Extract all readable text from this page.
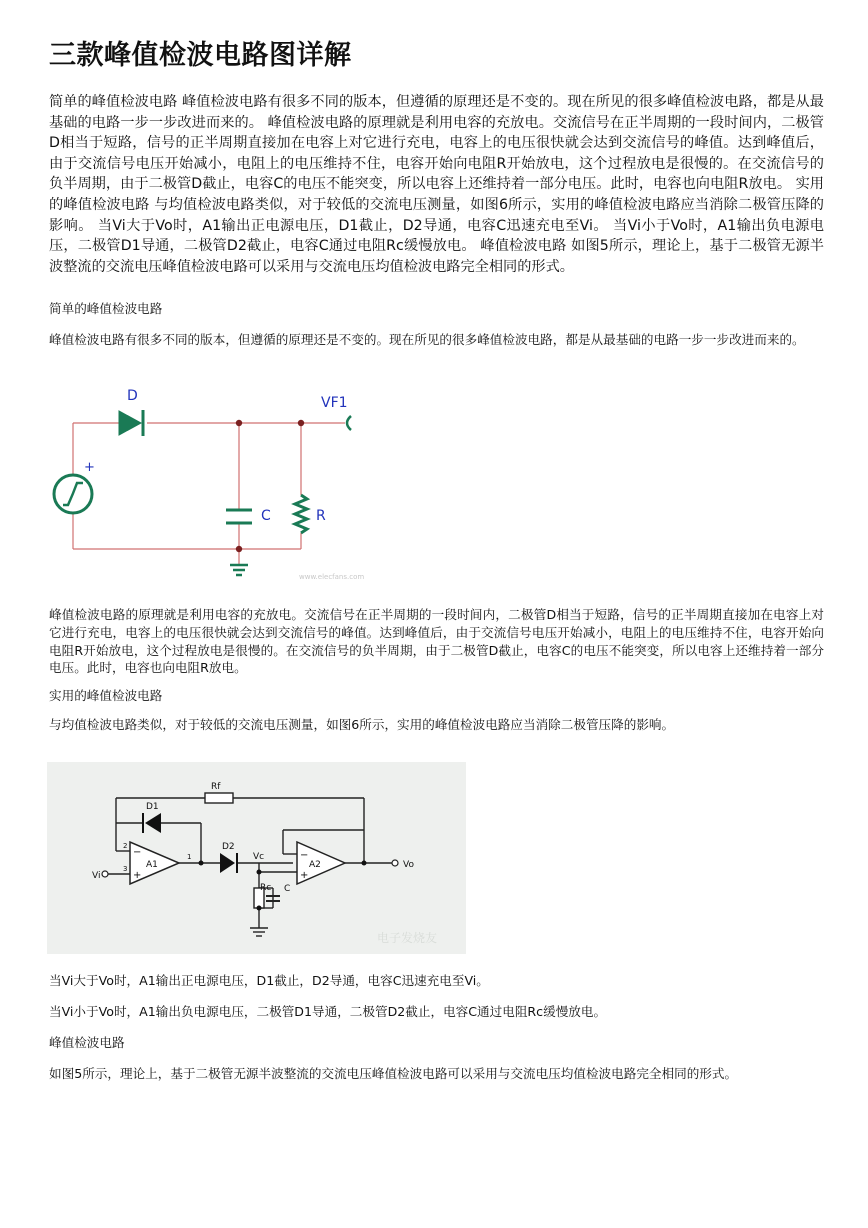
三款峰值检波电路图详解

简单的峰值检波电路 峰值检波电路有很多不同的版本，但遵循的原理还是不变的。现在所见的很多峰值检波电路，都是从最基础的电路一步一步改进而来的。 峰值检波电路的原理就是利用电容的充放电。交流信号在正半周期的一段时间内，二极管D相当于短路，信号的正半周期直接加在电容上对它进行充电，电容上的电压很快就会达到交流信号的峰值。达到峰值后，由于交流信号电压开始减小，电阻上的电压维持不住，电容开始向电阻R开始放电，这个过程放电是很慢的。在交流信号的负半周期，由于二极管D截止，电容C的电压不能突变，所以电容上还维持着一部分电压。此时，电容也向电阻R放电。 实用的峰值检波电路 与均值检波电路类似，对于较低的交流电压测量，如图6所示，实用的峰值检波电路应当消除二极管压降的影响。 当Vi大于Vo时，A1输出正电源电压，D1截止，D2导通，电容C迅速充电至Vi。 当Vi小于Vo时，A1输出负电源电压，二极管D1导通，二极管D2截止，电容C通过电阻Rc缓慢放电。 峰值检波电路 如图5所示，理论上，基于二极管无源半波整流的交流电压峰值检波电路可以采用与交流电压均值检波电路完全相同的形式。

简单的峰值检波电路

峰值检波电路有很多不同的版本，但遵循的原理还是不变的。现在所见的很多峰值检波电路，都是从最基础的电路一步一步改进而来的。

D	VF1
C	R
+
www.elecfans.com

峰值检波电路的原理就是利用电容的充放电。交流信号在正半周期的一段时间内，二极管D相当于短路，信号的正半周期直接加在电容上对它进行充电，电容上的电压很快就会达到交流信号的峰值。达到峰值后，由于交流信号电压开始减小，电阻上的电压维持不住，电容开始向电阻R开始放电，这个过程放电是很慢的。在交流信号的负半周期，由于二极管D截止，电容C的电压不能突变，所以电容上还维持着一部分电压。此时，电容也向电阻R放电。

实用的峰值检波电路

与均值检波电路类似，对于较低的交流电压测量，如图6所示，实用的峰值检波电路应当消除二极管压降的影响。

Rf
D1
D2
A1	A2
Vc
Vo
Vi
Rc C
2
3
1
−
+
−
+
电子发烧友

当Vi大于Vo时，A1输出正电源电压，D1截止，D2导通，电容C迅速充电至Vi。

当Vi小于Vo时，A1输出负电源电压，二极管D1导通，二极管D2截止，电容C通过电阻Rc缓慢放电。

峰值检波电路

如图5所示，理论上，基于二极管无源半波整流的交流电压峰值检波电路可以采用与交流电压均值检波电路完全相同的形式。
